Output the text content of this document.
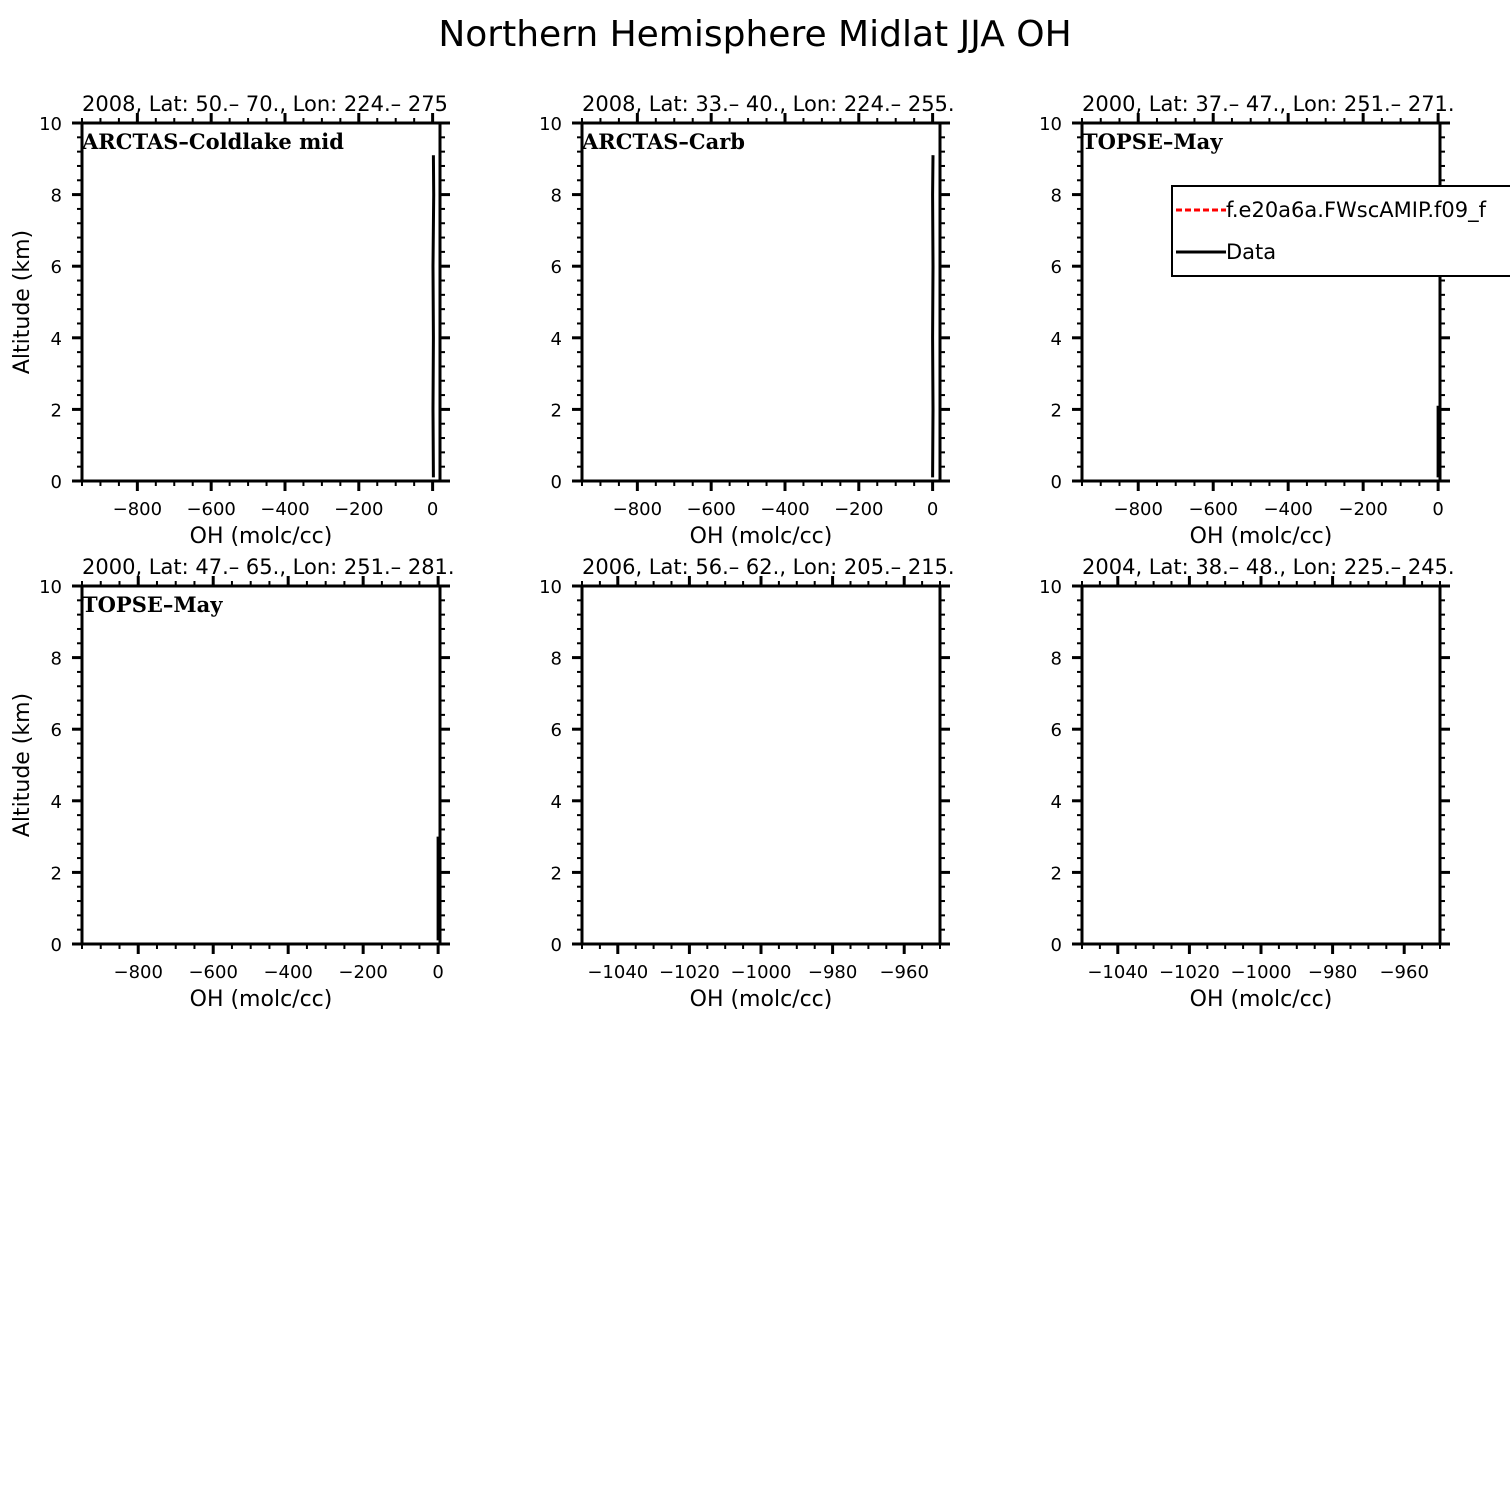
Northern Hemisphere Midlat JJA OH
2008, Lat: 50.– 70., Lon: 224.– 275
ARCTAS–Coldlake mid
0
2
4
6
8
10
−800 −600 −400 −200 0
OH (molc/cc)
Altitude (km)
2008, Lat: 33.– 40., Lon: 224.– 255.
ARCTAS–Carb
0
2
4
6
8
10
−800 −600 −400 −200 0
OH (molc/cc)
2000, Lat: 37.– 47., Lon: 251.– 271.
TOPSE–May
0
2
4
6
8
10
−800 −600 −400 −200 0
OH (molc/cc)
2000, Lat: 47.– 65., Lon: 251.– 281.
TOPSE–May
0
2
4
6
8
10
−800 −600 −400 −200 0
OH (molc/cc)
Altitude (km)
2006, Lat: 56.– 62., Lon: 205.– 215.
0
2
4
6
8
10
−1040 −1020 −1000 −980 −960
OH (molc/cc)
2004, Lat: 38.– 48., Lon: 225.– 245.
0
2
4
6
8
10
−1040 −1020 −1000 −980 −960
OH (molc/cc)
f.e20a6a.FWscAMIP.f09_f
Data
